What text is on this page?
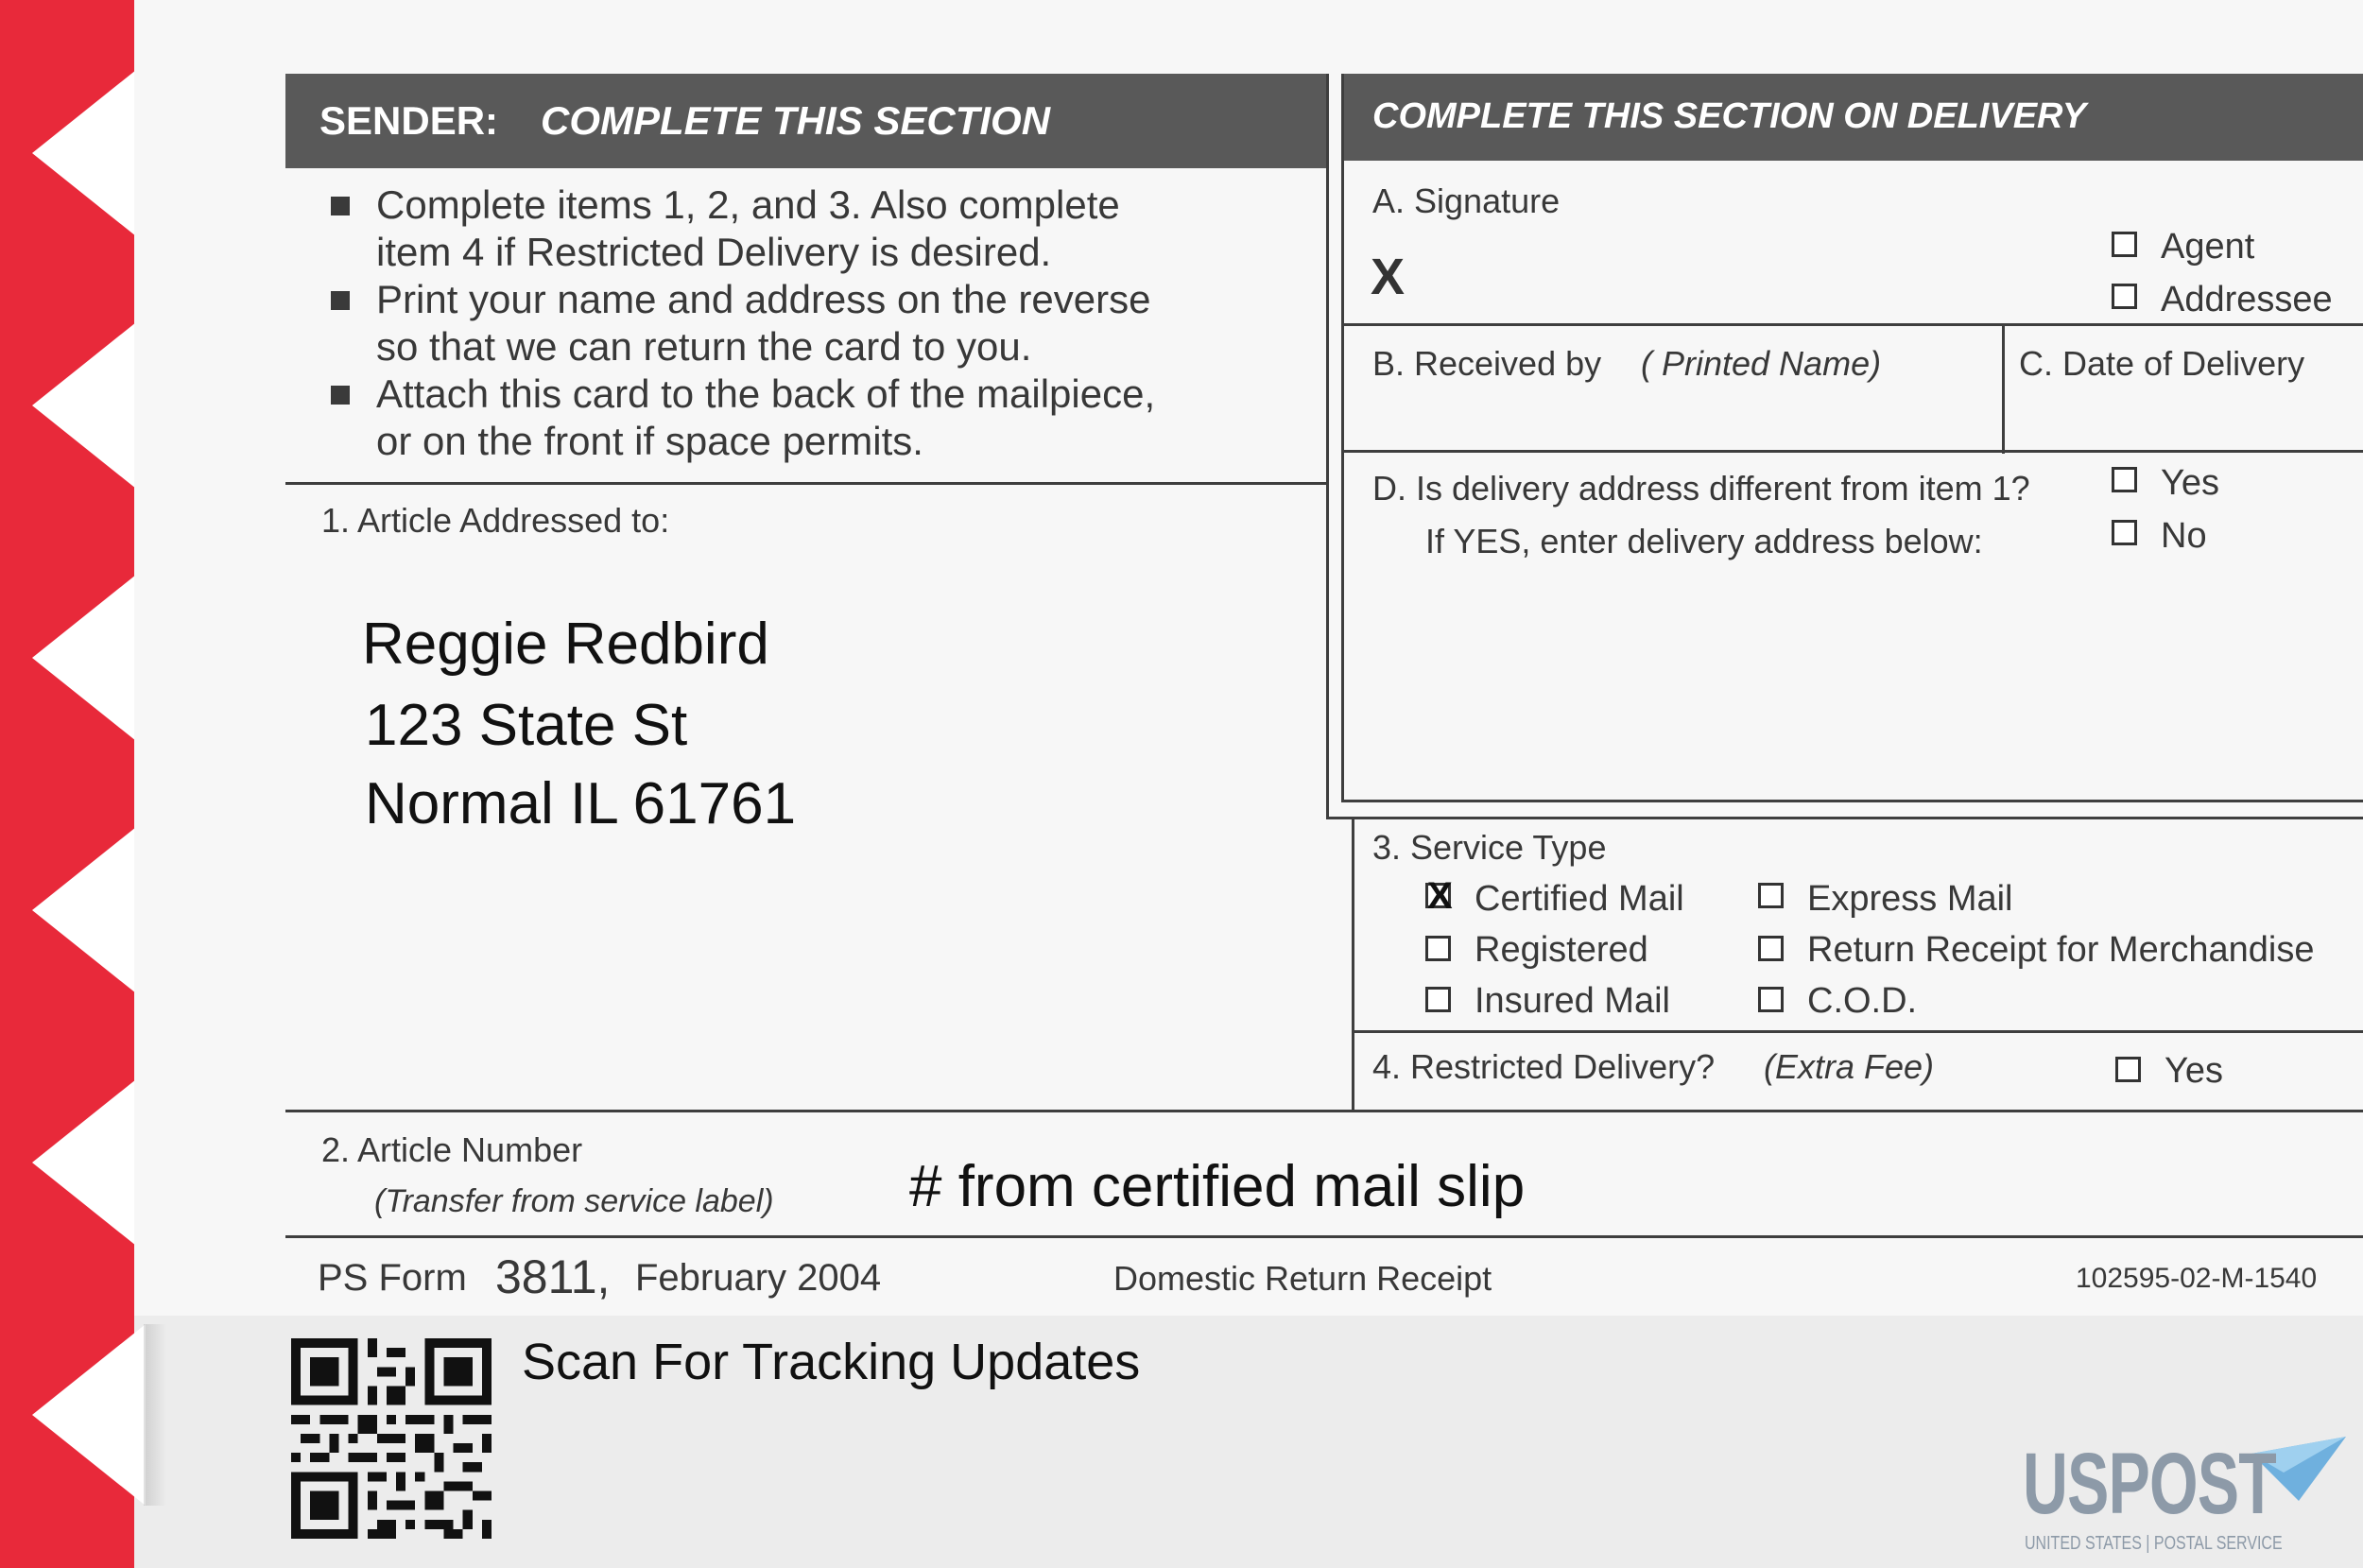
SENDER: COMPLETE THIS SECTION	COMPLETE THIS SECTION ON DELIVERY
Complete items 1, 2, and 3. Also complete
item 4 if Restricted Delivery is desired.
Print your name and address on the reverse
so that we can return the card to you.
Attach this card to the back of the mailpiece,
or on the front if space permits.
1. Article Addressed to:
Reggie Redbird
123 State St
Normal IL 61761
A. Signature
X
Agent
Addressee
B. Received by ( Printed Name)	C. Date of Delivery
D. Is delivery address different from item 1?
If YES, enter delivery address below:
Yes
No
3. Service Type
X Certified Mail	Express Mail
Registered	Return Receipt for Merchandise
Insured Mail	C.O.D.
4. Restricted Delivery? (Extra Fee)	Yes
2. Article Number
(Transfer from service label) # from certified mail slip
PS Form 3811, February 2004	Domestic Return Receipt	102595-02-M-1540
Scan For Tracking Updates
USPOST
UNITED STATES | POSTAL SERVICE
